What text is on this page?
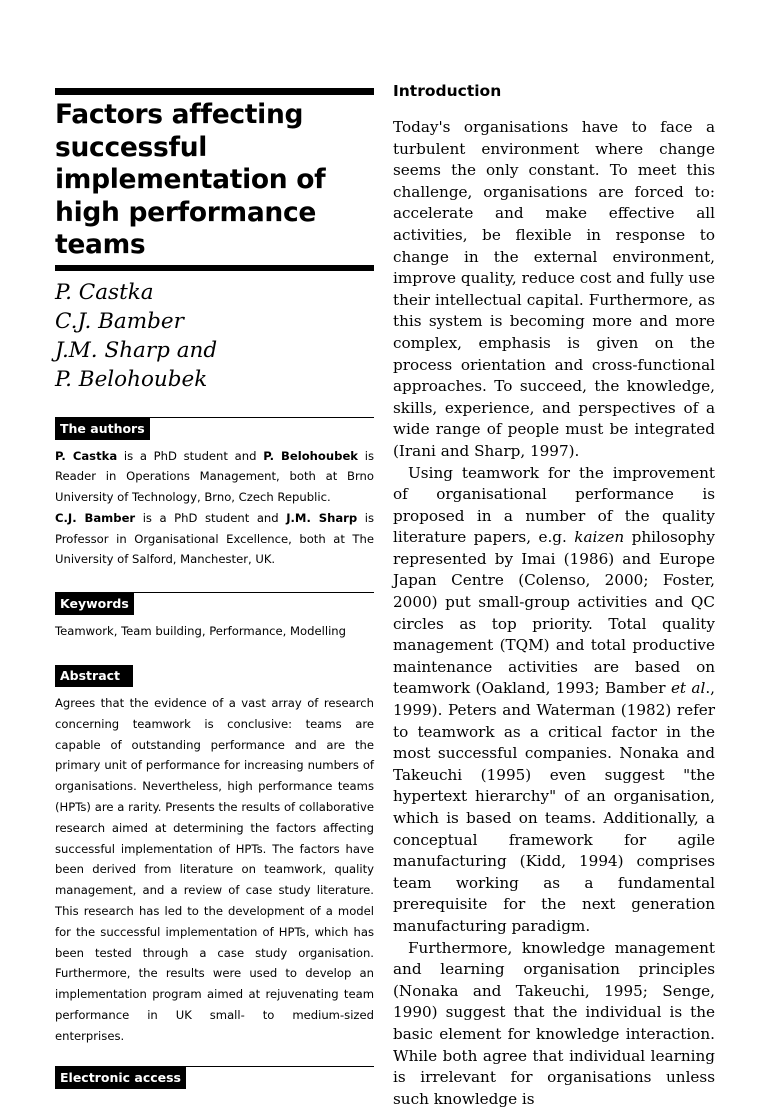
Factors affecting successful implementation of high performance teams
P. Castka
C.J. Bamber
J.M. Sharp and
P. Belohoubek
The authors
P. Castka is a PhD student and P. Belohoubek is Reader in Operations Management, both at Brno University of Technology, Brno, Czech Republic.
C.J. Bamber is a PhD student and J.M. Sharp is Professor in Organisational Excellence, both at The University of Salford, Manchester, UK.
Keywords
Teamwork, Team building, Performance, Modelling
Abstract
Agrees that the evidence of a vast array of research concerning teamwork is conclusive: teams are capable of outstanding performance and are the primary unit of performance for increasing numbers of organisations. Nevertheless, high performance teams (HPTs) are a rarity. Presents the results of collaborative research aimed at determining the factors affecting successful implementation of HPTs. The factors have been derived from literature on teamwork, quality management, and a review of case study literature. This research has led to the development of a model for the successful implementation of HPTs, which has been tested through a case study organisation. Furthermore, the results were used to develop an implementation program aimed at rejuvenating team performance in UK small- to medium-sized enterprises.
Electronic access
Introduction

Today's organisations have to face a turbulent environment where change seems the only constant. To meet this challenge, organisations are forced to: accelerate and make effective all activities, be flexible in response to change in the external environment, improve quality, reduce cost and fully use their intellectual capital. Furthermore, as this system is becoming more and more complex, emphasis is given on the process orientation and cross-functional approaches. To succeed, the knowledge, skills, experience, and perspectives of a wide range of people must be integrated (Irani and Sharp, 1997).

Using teamwork for the improvement of organisational performance is proposed in a number of the quality literature papers, e.g. kaizen philosophy represented by Imai (1986) and Europe Japan Centre (Colenso, 2000; Foster, 2000) put small-group activities and QC circles as top priority. Total quality management (TQM) and total productive maintenance activities are based on teamwork (Oakland, 1993; Bamber et al., 1999). Peters and Waterman (1982) refer to teamwork as a critical factor in the most successful companies. Nonaka and Takeuchi (1995) even suggest "the hypertext hierarchy" of an organisation, which is based on teams. Additionally, a conceptual framework for agile manufacturing (Kidd, 1994) comprises team working as a fundamental prerequisite for the next generation manufacturing paradigm.

Furthermore, knowledge management and learning organisation principles (Nonaka and Takeuchi, 1995; Senge, 1990) suggest that the individual is the basic element for knowledge interaction. While both agree that individual learning is irrelevant for organisations unless such knowledge is
